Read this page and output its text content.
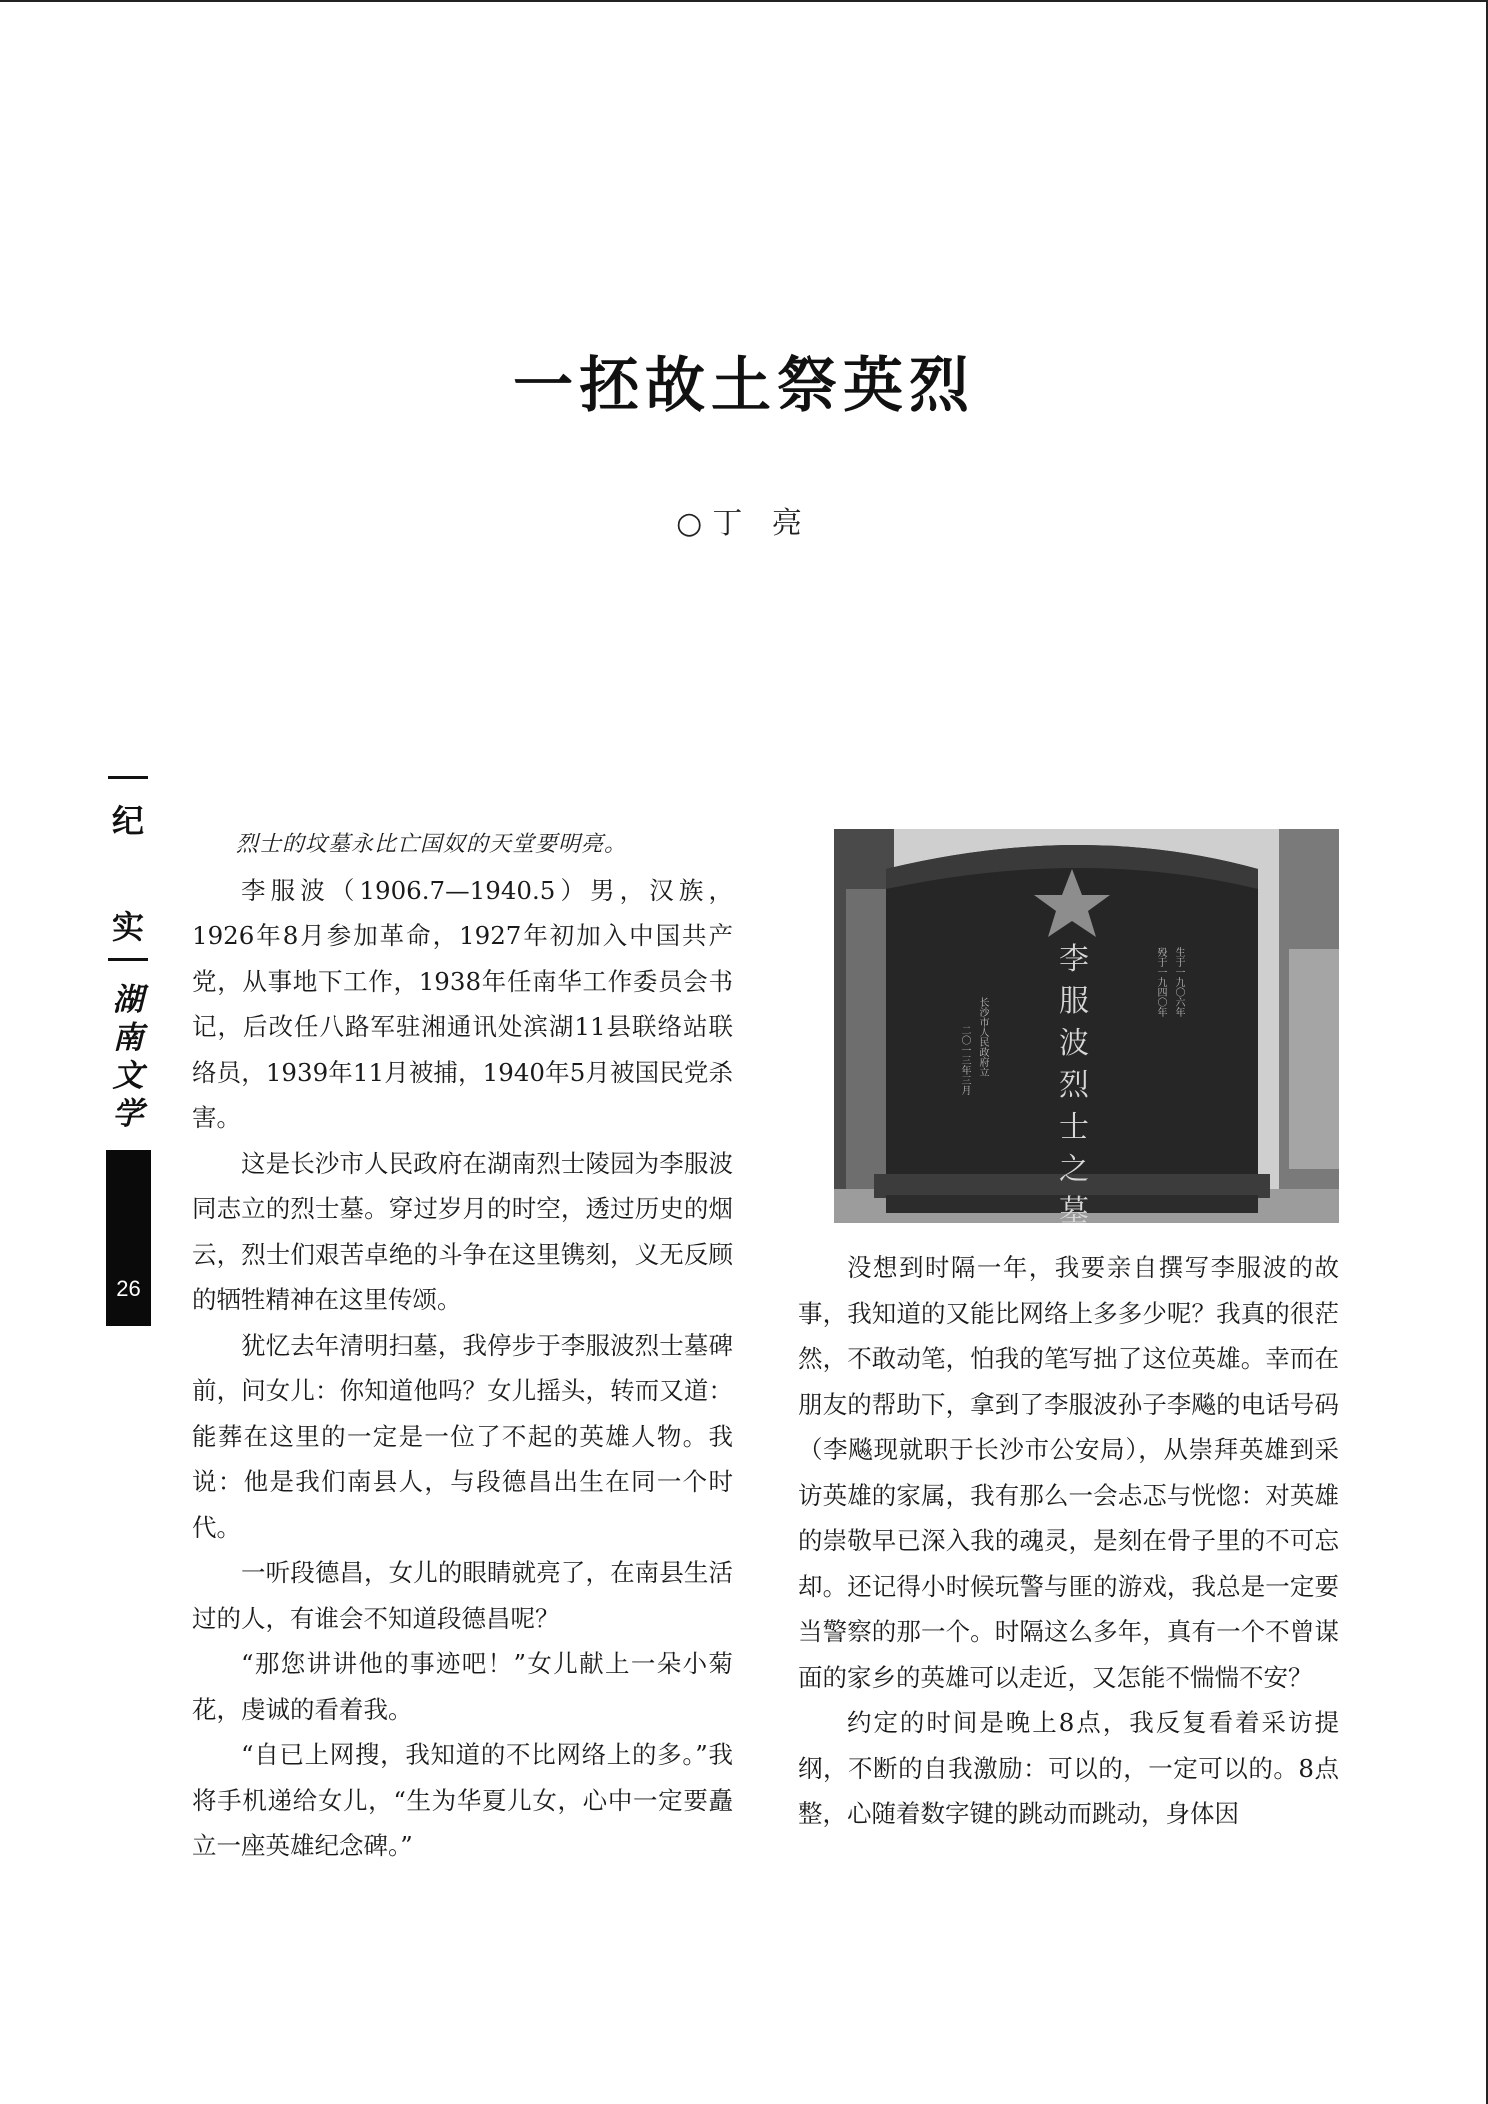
一抷故土祭英烈
○丁 亮
纪
实
湖
南
文
学
26

烈士的坟墓永比亡国奴的天堂要明亮。

李服波（1906.7—1940.5）男，汉族，1926年8月参加革命，1927年初加入中国共产党，从事地下工作，1938年任南华工作委员会书记，后改任八路军驻湘通讯处滨湖11县联络站联络员，1939年11月被捕，1940年5月被国民党杀害。

这是长沙市人民政府在湖南烈士陵园为李服波同志立的烈士墓。穿过岁月的时空，透过历史的烟云，烈士们艰苦卓绝的斗争在这里镌刻，义无反顾的牺牲精神在这里传颂。

犹忆去年清明扫墓，我停步于李服波烈士墓碑前，问女儿：你知道他吗？女儿摇头，转而又道：能葬在这里的一定是一位了不起的英雄人物。我说：他是我们南县人，与段德昌出生在同一个时代。

一听段德昌，女儿的眼睛就亮了，在南县生活过的人，有谁会不知道段德昌呢？

“那您讲讲他的事迹吧！”女儿献上一朵小菊花，虔诚的看着我。

“自已上网搜，我知道的不比网络上的多。”我将手机递给女儿，“生为华夏儿女，心中一定要矗立一座英雄纪念碑。”

李
服
波
烈
士
之
墓
生于一九〇六年
殁于一九四〇年
长沙市人民政府立
二〇一三年三月

没想到时隔一年，我要亲自撰写李服波的故事，我知道的又能比网络上多多少呢？我真的很茫然，不敢动笔，怕我的笔写拙了这位英雄。幸而在朋友的帮助下，拿到了李服波孙子李飚的电话号码（李飚现就职于长沙市公安局），从崇拜英雄到采访英雄的家属，我有那么一会忐忑与恍惚：对英雄的崇敬早已深入我的魂灵，是刻在骨子里的不可忘却。还记得小时候玩警与匪的游戏，我总是一定要当警察的那一个。时隔这么多年，真有一个不曾谋面的家乡的英雄可以走近，又怎能不惴惴不安？

约定的时间是晚上8点，我反复看着采访提纲，不断的自我激励：可以的，一定可以的。8点整，心随着数字键的跳动而跳动，身体因
